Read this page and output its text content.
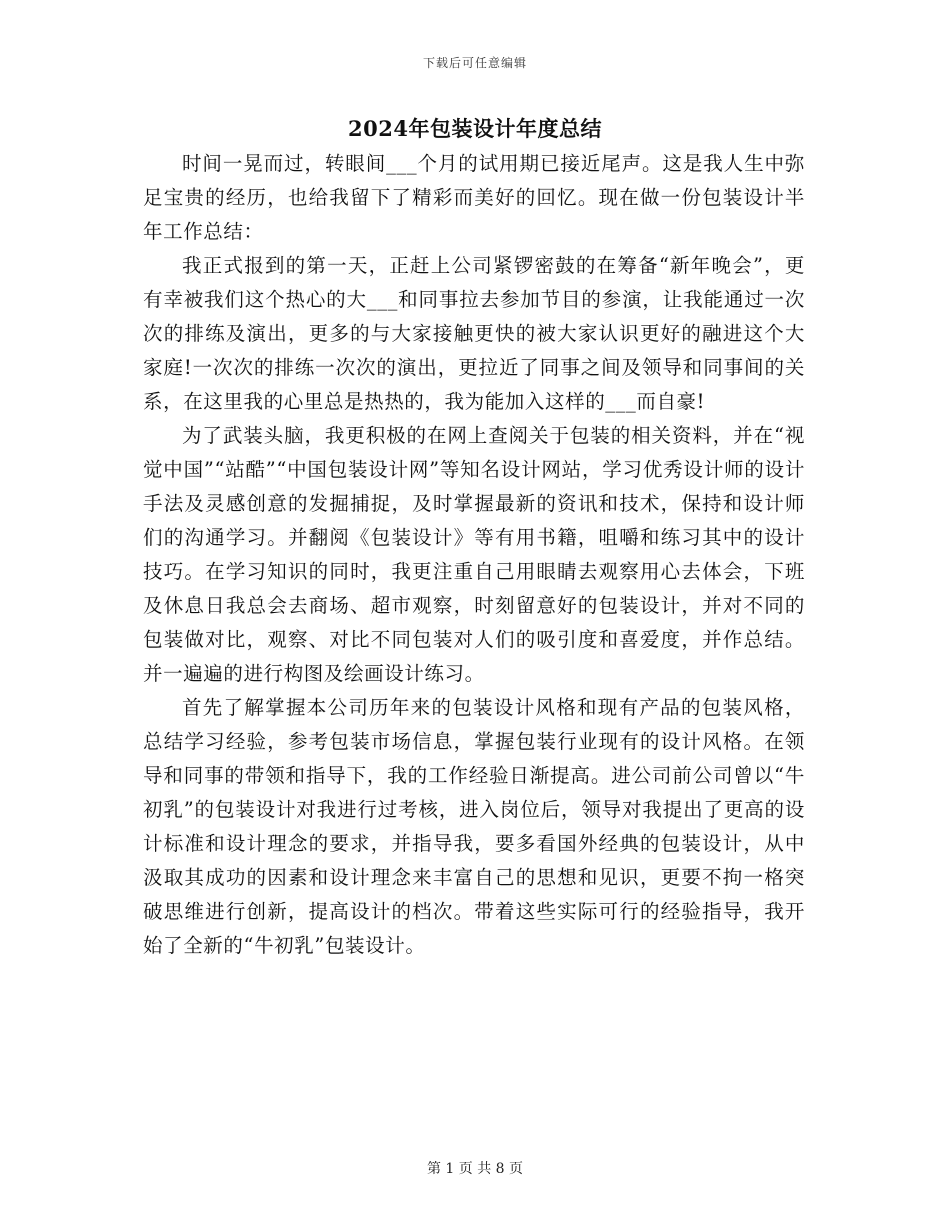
下载后可任意编辑
2024年包装设计年度总结

时间一晃而过，转眼间___个月的试用期已接近尾声。这是我人生中弥足宝贵的经历，也给我留下了精彩而美好的回忆。现在做一份包装设计半年工作总结：

我正式报到的第一天，正赶上公司紧锣密鼓的在筹备“新年晚会”，更有幸被我们这个热心的大___和同事拉去参加节目的参演，让我能通过一次次的排练及演出，更多的与大家接触更快的被大家认识更好的融进这个大家庭!一次次的排练一次次的演出，更拉近了同事之间及领导和同事间的关系，在这里我的心里总是热热的，我为能加入这样的___而自豪!

为了武装头脑，我更积极的在网上查阅关于包装的相关资料，并在“视觉中国”“站酷”“中国包装设计网”等知名设计网站，学习优秀设计师的设计手法及灵感创意的发掘捕捉，及时掌握最新的资讯和技术，保持和设计师们的沟通学习。并翻阅《包装设计》等有用书籍，咀嚼和练习其中的设计技巧。在学习知识的同时，我更注重自己用眼睛去观察用心去体会，下班及休息日我总会去商场、超市观察，时刻留意好的包装设计，并对不同的包装做对比，观察、对比不同包装对人们的吸引度和喜爱度，并作总结。并一遍遍的进行构图及绘画设计练习。

首先了解掌握本公司历年来的包装设计风格和现有产品的包装风格，总结学习经验，参考包装市场信息，掌握包装行业现有的设计风格。在领导和同事的带领和指导下，我的工作经验日渐提高。进公司前公司曾以“牛初乳”的包装设计对我进行过考核，进入岗位后，领导对我提出了更高的设计标准和设计理念的要求，并指导我，要多看国外经典的包装设计，从中汲取其成功的因素和设计理念来丰富自己的思想和见识，更要不拘一格突破思维进行创新，提高设计的档次。带着这些实际可行的经验指导，我开始了全新的“牛初乳”包装设计。

第 1 页 共 8 页
